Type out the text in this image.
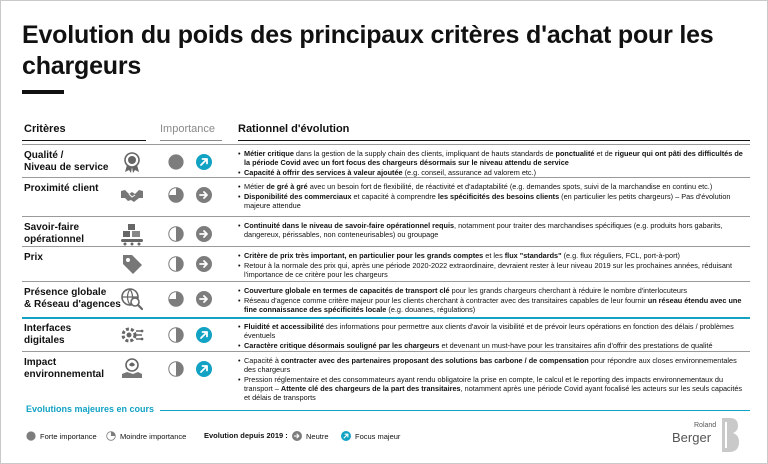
Evolution du poids des principaux critères d'achat pour les chargeurs
Critères	Importance Rationnel d'évolution
Qualité /
Niveau de service

• Métier critique dans la gestion de la supply chain des clients, impliquant de hauts standards de ponctualité et de rigueur qui ont pâti des difficultés de la période Covid avec un fort focus des chargeurs désormais sur le niveau attendu de service

• Capacité à offrir des services à valeur ajoutée (e.g. conseil, assurance ad valorem etc.)

Proximité client	• Métier de gré à gré avec un besoin fort de flexibilité, de réactivité et d'adaptabilité (e.g. demandes spots, suivi de la marchandise en continu etc.)

• Disponibilité des commerciaux et capacité à comprendre les spécificités des besoins clients (en particulier les petits chargeurs) – Pas d'évolution majeure attendue

Savoir-faire
opérationnel

• Continuité dans le niveau de savoir-faire opérationnel requis, notamment pour traiter des marchandises spécifiques (e.g. produits hors gabarits, dangereux, périssables, non conteneurisables) ou groupage

Prix	• Critère de prix très important, en particulier pour les grands comptes et les flux "standards" (e.g. flux réguliers, FCL, port-à-port)

• Retour à la normale des prix qui, après une période 2020-2022 extraordinaire, devraient rester à leur niveau 2019 sur les prochaines années, réduisant l'importance de ce critère pour les chargeurs

Présence globale
& Réseau d'agences

• Couverture globale en termes de capacités de transport clé pour les grands chargeurs cherchant à réduire le nombre d'interlocuteurs

• Réseau d'agence comme critère majeur pour les clients cherchant à contracter avec des transitaires capables de leur fournir un réseau étendu avec une fine connaissance des spécificités locale (e.g. douanes, régulations)

Interfaces
digitales

• Fluidité et accessibilité des informations pour permettre aux clients d'avoir la visibilité et de prévoir leurs opérations en fonction des délais / problèmes éventuels

• Caractère critique désormais souligné par les chargeurs et devenant un must-have pour les transitaires afin d'offrir des prestations de qualité

Impact
environnemental

• Capacité à contracter avec des partenaires proposant des solutions bas carbone / de compensation pour répondre aux closes environnementales des chargeurs

• Pression réglementaire et des consommateurs ayant rendu obligatoire la prise en compte, le calcul et le reporting des impacts environnementaux du transport – Attente clé des chargeurs de la part des transitaires, notamment après une période Covid ayant focalisé les acteurs sur les seuls capacités et délais de transports

Evolutions majeures en cours
Forte importance	Moindre importance Evolution depuis 2019 : Neutre	Focus majeur
Roland
Berger
